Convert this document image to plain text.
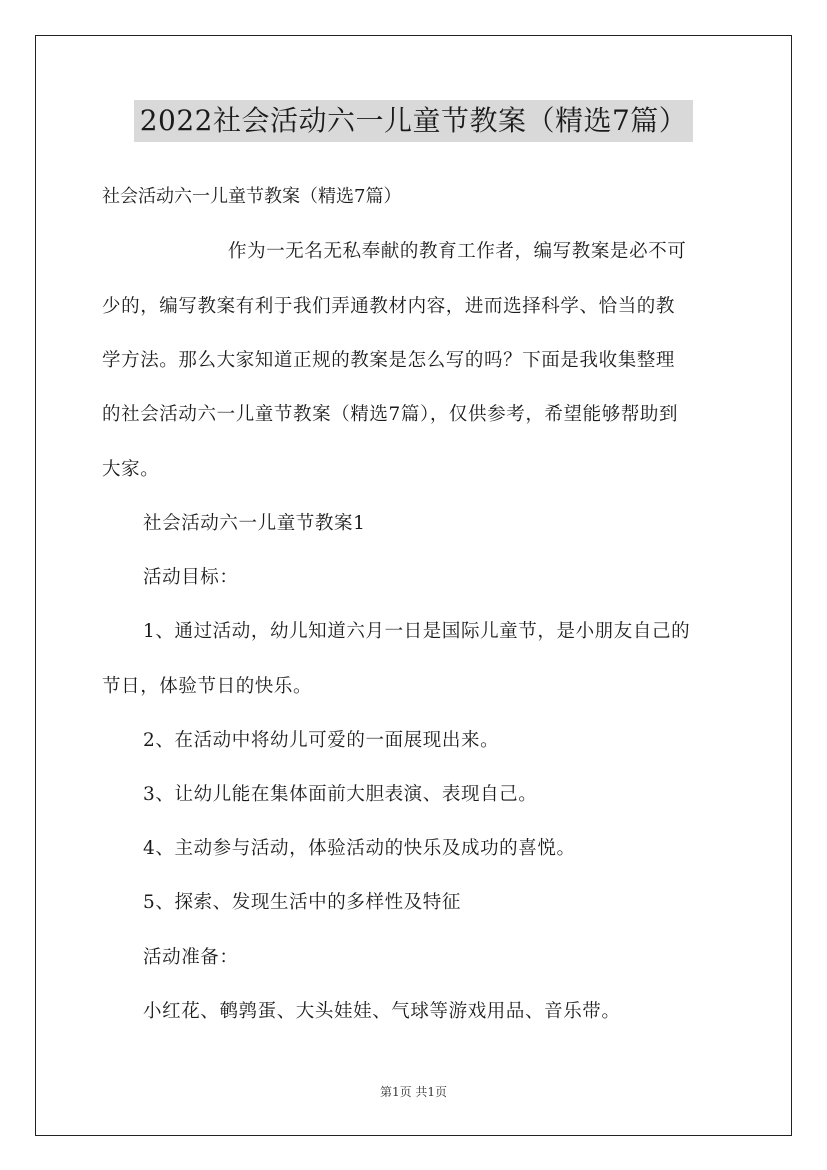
2022社会活动六一儿童节教案（精选7篇）
社会活动六一儿童节教案（精选7篇）
作为一无名无私奉献的教育工作者，编写教案是必不可
少的，编写教案有利于我们弄通教材内容，进而选择科学、恰当的教
学方法。那么大家知道正规的教案是怎么写的吗？下面是我收集整理
的社会活动六一儿童节教案（精选7篇），仅供参考，希望能够帮助到
大家。
社会活动六一儿童节教案1
活动目标：
1、通过活动，幼儿知道六月一日是国际儿童节，是小朋友自己的
节日，体验节日的快乐。
2、在活动中将幼儿可爱的一面展现出来。
3、让幼儿能在集体面前大胆表演、表现自己。
4、主动参与活动，体验活动的快乐及成功的喜悦。
5、探索、发现生活中的多样性及特征
活动准备：
小红花、鹌鹑蛋、大头娃娃、气球等游戏用品、音乐带。
第1页 共1页
